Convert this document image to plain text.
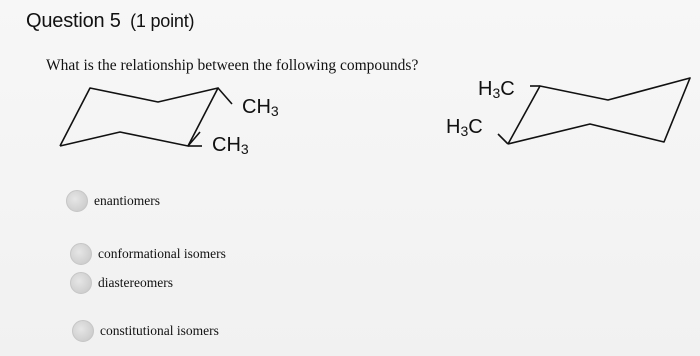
Question 5 (1 point)
What is the relationship between the following compounds?
$CH_3$
$CH_3$
$H_3C$
$H_3C$
enantiomers
conformational isomers
diastereomers
constitutional isomers
